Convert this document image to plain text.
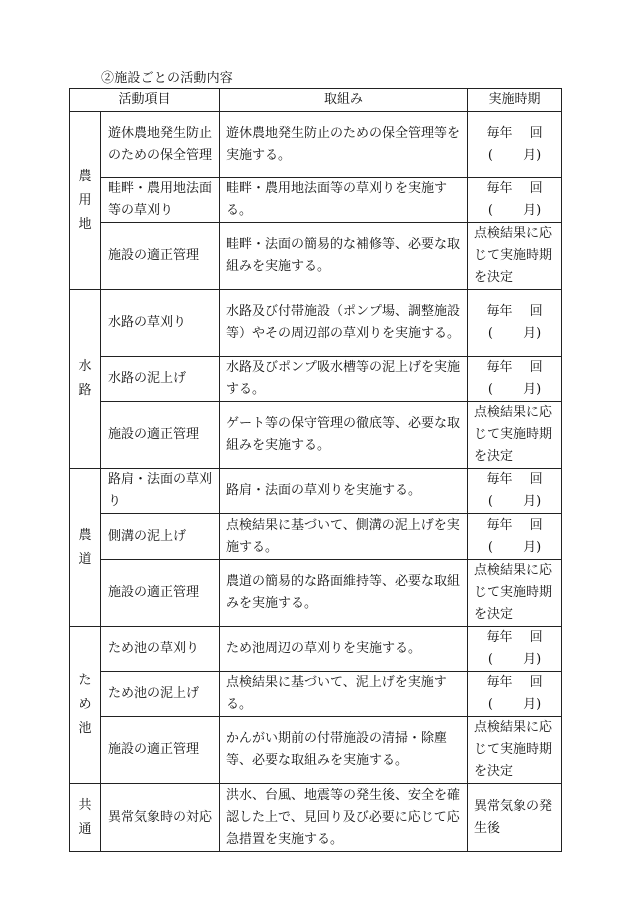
②施設ごとの活動内容
活動項目		取組み	実施時期

農用地	遊休農地発生防止のための保全管理	遊休農地発生防止のための保全管理等を実施する。	毎年　 回
(　　 月)

	畦畔・農用地法面等の草刈り	畦畔・農用地法面等の草刈りを実施する。	毎年　 回
(　　 月)

	施設の適正管理	畦畔・法面の簡易的な補修等、必要な取組みを実施する。	点検結果に応じて実施時期を決定

水路	水路の草刈り	水路及び付帯施設（ポンプ場、調整施設等）やその周辺部の草刈りを実施する。	毎年　 回
(　　 月)

	水路の泥上げ	水路及びポンプ吸水槽等の泥上げを実施する。	毎年　 回
(　　 月)

	施設の適正管理	ゲート等の保守管理の徹底等、必要な取組みを実施する。	点検結果に応じて実施時期を決定

農道	路肩・法面の草刈り	路肩・法面の草刈りを実施する。	毎年　 回
(　　 月)

	側溝の泥上げ	点検結果に基づいて、側溝の泥上げを実施する。	毎年　 回
(　　 月)

	施設の適正管理	農道の簡易的な路面維持等、必要な取組みを実施する。	点検結果に応じて実施時期を決定

ため池	ため池の草刈り	ため池周辺の草刈りを実施する。	毎年　 回
(　　 月)

	ため池の泥上げ	点検結果に基づいて、泥上げを実施する。	毎年　 回
(　　 月)

	施設の適正管理	かんがい期前の付帯施設の清掃・除塵等、必要な取組みを実施する。	点検結果に応じて実施時期を決定

共通	異常気象時の対応	洪水、台風、地震等の発生後、安全を確認した上で、見回り及び必要に応じて応急措置を実施する。	異常気象の発生後
